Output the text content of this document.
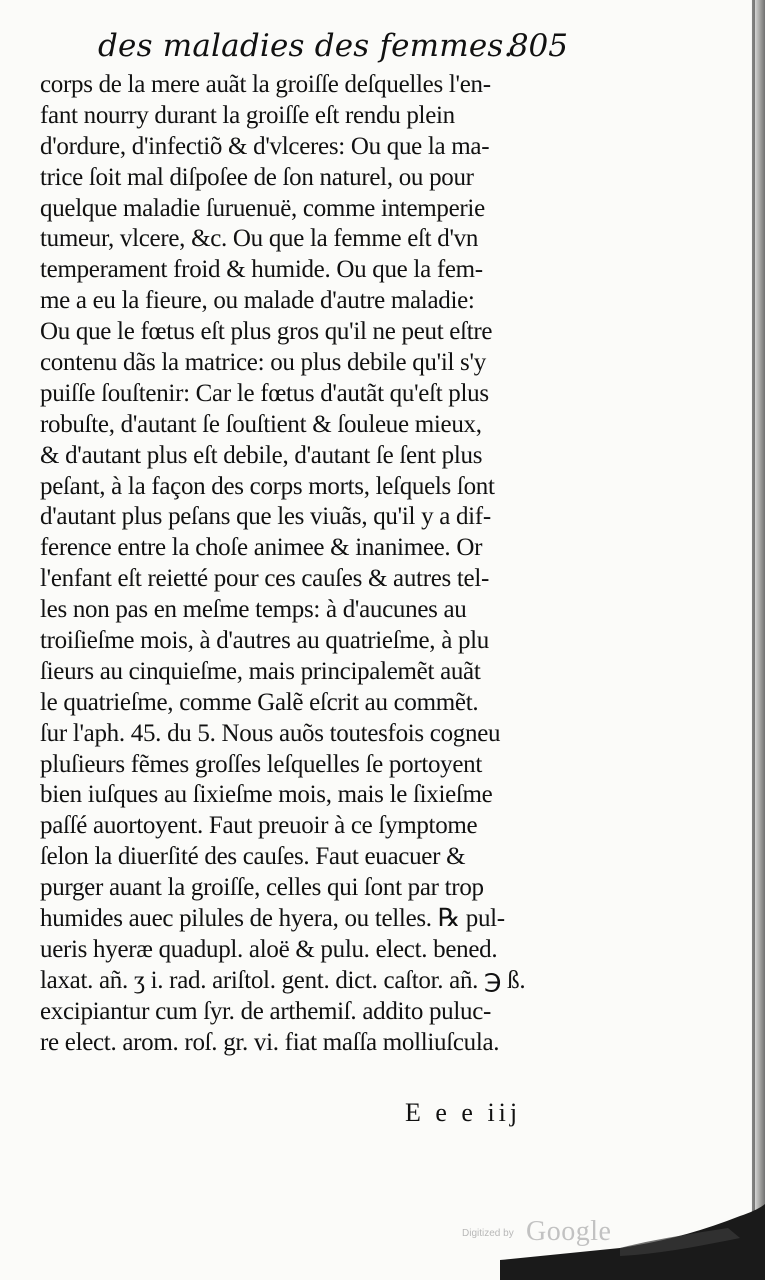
des maladies des femmes.
805
corps de la mere auãt la groiſſe deſquelles l'en-
fant nourry durant la groiſſe eſt rendu plein
d'ordure, d'infectiõ & d'vlceres: Ou que la ma-
trice ſoit mal diſpoſee de ſon naturel, ou pour
quelque maladie ſuruenuë, comme intemperie
tumeur, vlcere, &c. Ou que la femme eſt d'vn
temperament froid & humide. Ou que la fem-
me a eu la fieure, ou malade d'autre maladie:
Ou que le fœtus eſt plus gros qu'il ne peut eſtre
contenu dãs la matrice: ou plus debile qu'il s'y
puiſſe ſouſtenir: Car le fœtus d'autãt qu'eſt plus
robuſte, d'autant ſe ſouſtient & ſouleue mieux,
& d'autant plus eſt debile, d'autant ſe ſent plus
peſant, à la façon des corps morts, leſquels ſont
d'autant plus peſans que les viuãs, qu'il y a dif-
ference entre la choſe animee & inanimee. Or
l'enfant eſt reietté pour ces cauſes & autres tel-
les non pas en meſme temps: à d'aucunes au
troiſieſme mois, à d'autres au quatrieſme, à plu
ſieurs au cinquieſme, mais principalemẽt auãt
le quatrieſme, comme Galẽ eſcrit au commẽt.
ſur l'aph. 45. du 5. Nous auõs toutesfois cogneu
pluſieurs fẽmes groſſes leſquelles ſe portoyent
bien iuſques au ſixieſme mois, mais le ſixieſme
paſſé auortoyent. Faut preuoir à ce ſymptome
ſelon la diuerſité des cauſes. Faut euacuer &
purger auant la groiſſe, celles qui ſont par trop
humides auec pilules de hyera, ou telles. ℞ pul-
ueris hyeræ quadupl. aloë & pulu. elect. bened.
laxat. añ. ʒ i. rad. ariſtol. gent. dict. caſtor. añ. ℈ ß.
excipiantur cum ſyr. de arthemiſ. addito puluc-
re elect. arom. roſ. gr. vi. fiat maſſa molliuſcula.
E e e iij
Digitized by Google
